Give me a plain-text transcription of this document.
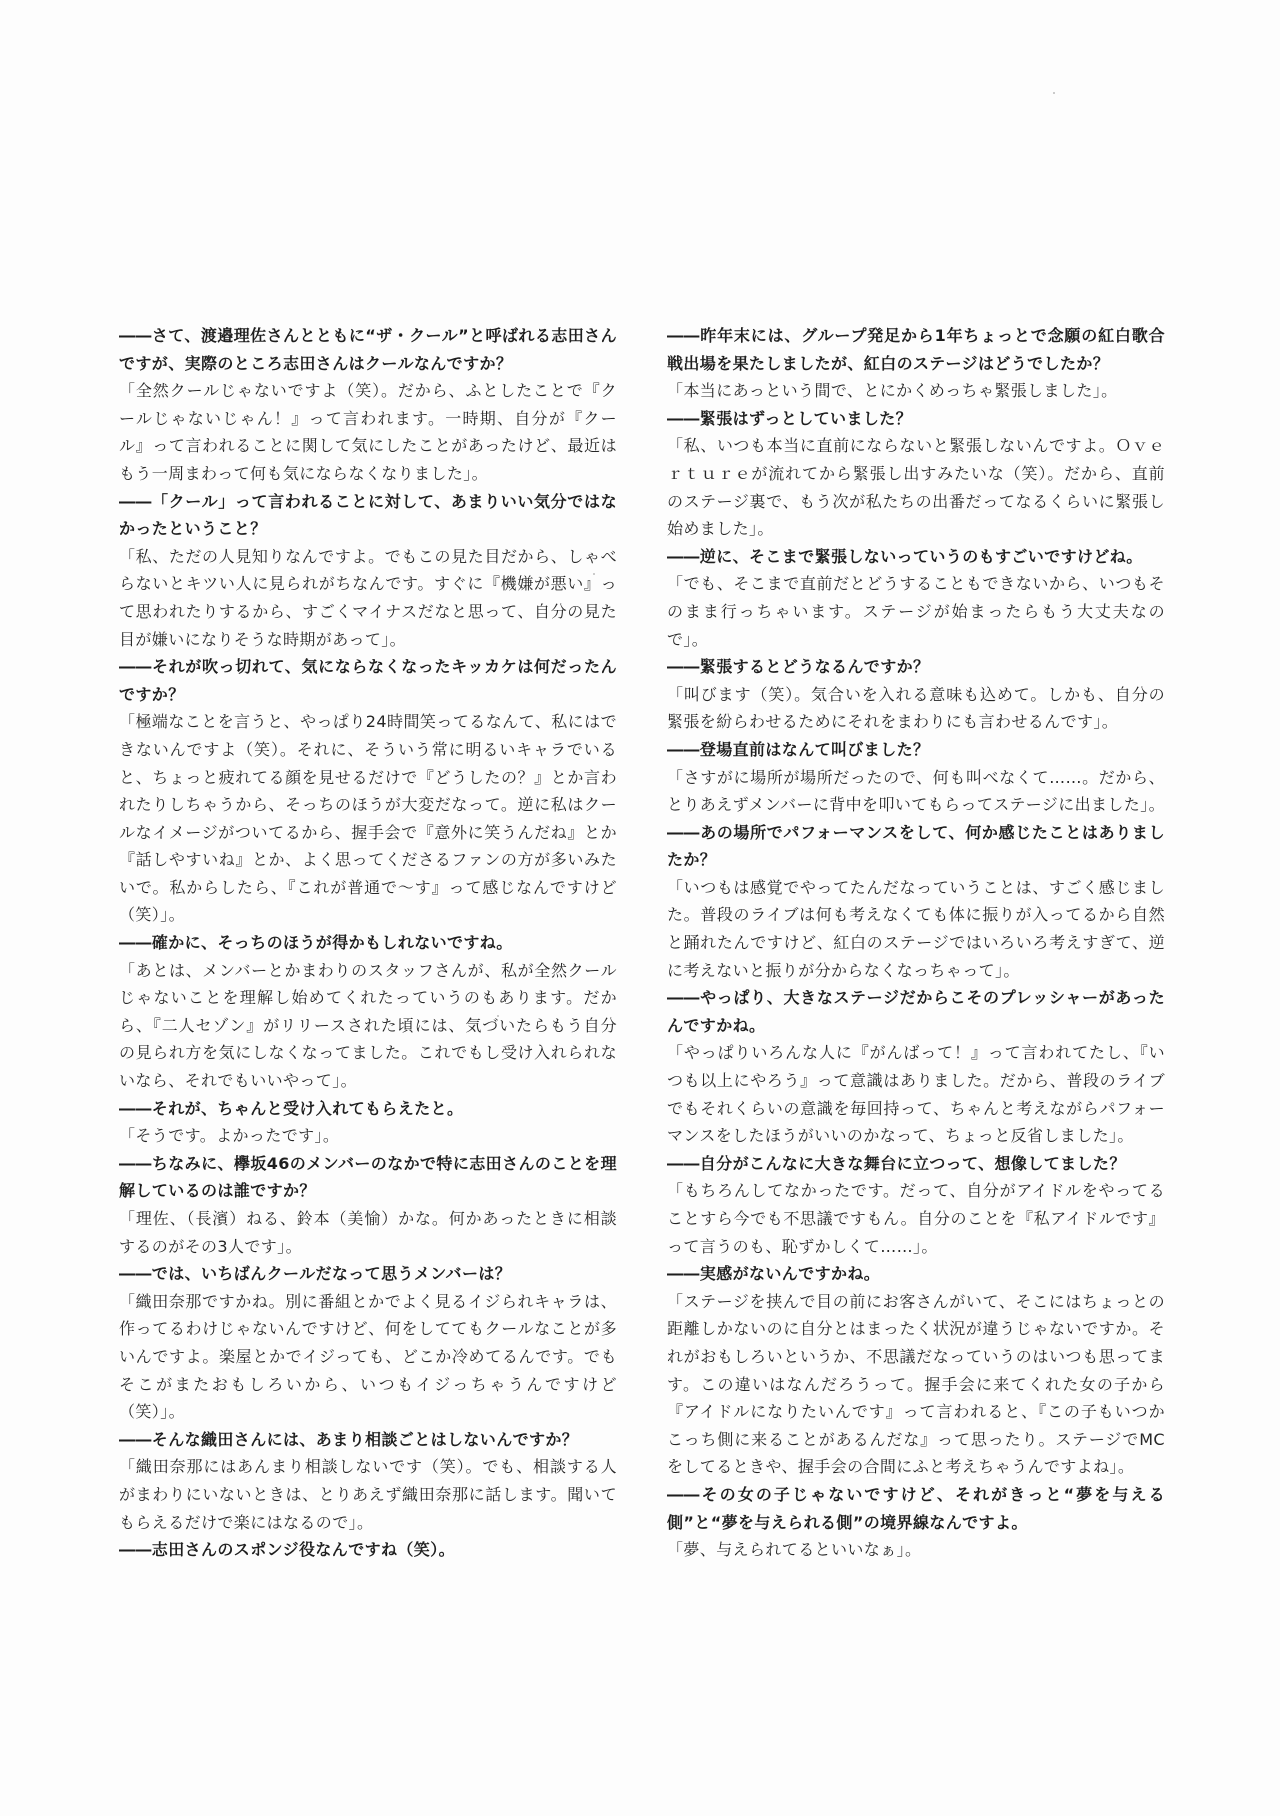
――さて、渡邉理佐さんとともに“ザ・クール”と呼ばれる志田さんですが、実際のところ志田さんはクールなんですか？

「全然クールじゃないですよ（笑）。だから、ふとしたことで『クールじゃないじゃん！』って言われます。一時期、自分が『クール』って言われることに関して気にしたことがあったけど、最近はもう一周まわって何も気にならなくなりました」。

――「クール」って言われることに対して、あまりいい気分ではなかったということ？

「私、ただの人見知りなんですよ。でもこの見た目だから、しゃべらないとキツい人に見られがちなんです。すぐに『機嫌が悪い』って思われたりするから、すごくマイナスだなと思って、自分の見た目が嫌いになりそうな時期があって」。

――それが吹っ切れて、気にならなくなったキッカケは何だったんですか？

「極端なことを言うと、やっぱり24時間笑ってるなんて、私にはできないんですよ（笑）。それに、そういう常に明るいキャラでいると、ちょっと疲れてる顔を見せるだけで『どうしたの？』とか言われたりしちゃうから、そっちのほうが大変だなって。逆に私はクールなイメージがついてるから、握手会で『意外に笑うんだね』とか『話しやすいね』とか、よく思ってくださるファンの方が多いみたいで。私からしたら、『これが普通で～す』って感じなんですけど（笑）」。

――確かに、そっちのほうが得かもしれないですね。

「あとは、メンバーとかまわりのスタッフさんが、私が全然クールじゃないことを理解し始めてくれたっていうのもあります。だから、『二人セゾン』がリリースされた頃には、気づいたらもう自分の見られ方を気にしなくなってました。これでもし受け入れられないなら、それでもいいやって」。

――それが、ちゃんと受け入れてもらえたと。

「そうです。よかったです」。

――ちなみに、欅坂46のメンバーのなかで特に志田さんのことを理解しているのは誰ですか？

「理佐、（長濱）ねる、鈴本（美愉）かな。何かあったときに相談するのがその3人です」。

――では、いちばんクールだなって思うメンバーは？

「織田奈那ですかね。別に番組とかでよく見るイジられキャラは、作ってるわけじゃないんですけど、何をしててもクールなことが多いんですよ。楽屋とかでイジっても、どこか冷めてるんです。でもそこがまたおもしろいから、いつもイジっちゃうんですけど（笑）」。

――そんな織田さんには、あまり相談ごとはしないんですか？

「織田奈那にはあんまり相談しないです（笑）。でも、相談する人がまわりにいないときは、とりあえず織田奈那に話します。聞いてもらえるだけで楽にはなるので」。

――志田さんのスポンジ役なんですね（笑）。

――昨年末には、グループ発足から1年ちょっとで念願の紅白歌合戦出場を果たしましたが、紅白のステージはどうでしたか？

「本当にあっという間で、とにかくめっちゃ緊張しました」。

――緊張はずっとしていました？

「私、いつも本当に直前にならないと緊張しないんですよ。Ｏｖｅｒｔｕｒｅが流れてから緊張し出すみたいな（笑）。だから、直前のステージ裏で、もう次が私たちの出番だってなるくらいに緊張し始めました」。

――逆に、そこまで緊張しないっていうのもすごいですけどね。

「でも、そこまで直前だとどうすることもできないから、いつもそのまま行っちゃいます。ステージが始まったらもう大丈夫なので」。

――緊張するとどうなるんですか？

「叫びます（笑）。気合いを入れる意味も込めて。しかも、自分の緊張を紛らわせるためにそれをまわりにも言わせるんです」。

――登場直前はなんて叫びました？

「さすがに場所が場所だったので、何も叫べなくて……。だから、とりあえずメンバーに背中を叩いてもらってステージに出ました」。

――あの場所でパフォーマンスをして、何か感じたことはありましたか？

「いつもは感覚でやってたんだなっていうことは、すごく感じました。普段のライブは何も考えなくても体に振りが入ってるから自然と踊れたんですけど、紅白のステージではいろいろ考えすぎて、逆に考えないと振りが分からなくなっちゃって」。

――やっぱり、大きなステージだからこそのプレッシャーがあったんですかね。

「やっぱりいろんな人に『がんばって！』って言われてたし、『いつも以上にやろう』って意識はありました。だから、普段のライブでもそれくらいの意識を毎回持って、ちゃんと考えながらパフォーマンスをしたほうがいいのかなって、ちょっと反省しました」。

――自分がこんなに大きな舞台に立つって、想像してました？

「もちろんしてなかったです。だって、自分がアイドルをやってることすら今でも不思議ですもん。自分のことを『私アイドルです』って言うのも、恥ずかしくて……」。

――実感がないんですかね。

「ステージを挟んで目の前にお客さんがいて、そこにはちょっとの距離しかないのに自分とはまったく状況が違うじゃないですか。それがおもしろいというか、不思議だなっていうのはいつも思ってます。この違いはなんだろうって。握手会に来てくれた女の子から『アイドルになりたいんです』って言われると、『この子もいつかこっち側に来ることがあるんだな』って思ったり。ステージでMCをしてるときや、握手会の合間にふと考えちゃうんですよね」。

――その女の子じゃないですけど、それがきっと“夢を与える側”と“夢を与えられる側”の境界線なんですよ。

「夢、与えられてるといいなぁ」。
